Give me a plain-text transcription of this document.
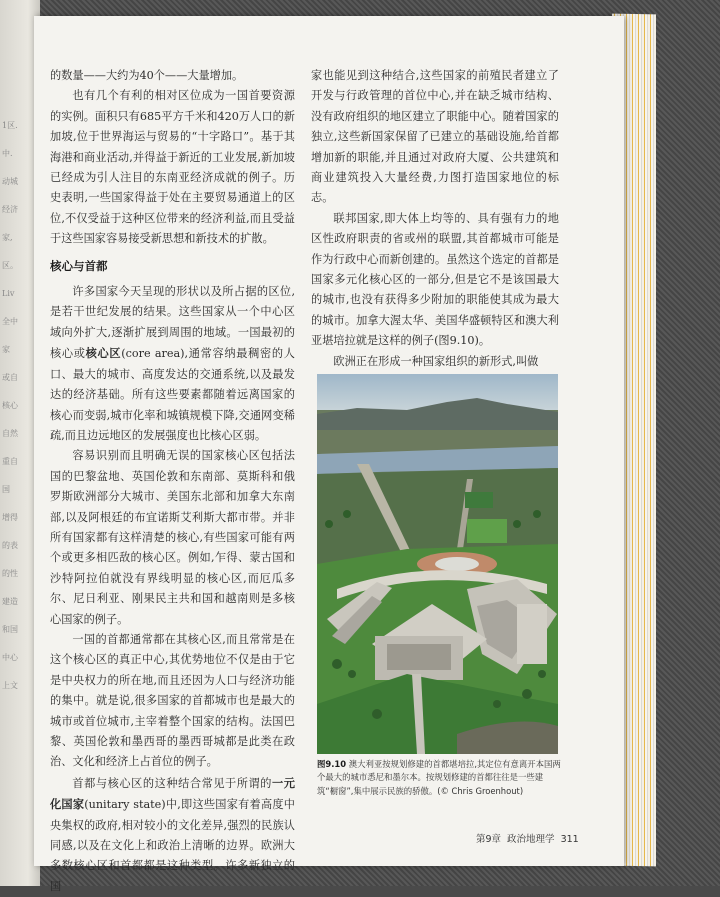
1区.
中.
动城
经济
家,
区。
Liv
全中
家
或自
核心
自然
重自
国
增得
的表
的性
建造
和国
中心
上文

的数量——大约为40个——大量增加。

也有几个有利的相对区位成为一国首要资源的实例。面积只有685平方千米和420万人口的新加坡,位于世界海运与贸易的“十字路口”。基于其海港和商业活动,并得益于新近的工业发展,新加坡已经成为引人注目的东南亚经济成就的例子。历史表明,一些国家得益于处在主要贸易通道上的区位,不仅受益于这种区位带来的经济利益,而且受益于这些国家容易接受新思想和新技术的扩散。

核心与首都

许多国家今天呈现的形状以及所占据的区位,是若干世纪发展的结果。这些国家从一个中心区域向外扩大,逐渐扩展到周围的地域。一国最初的核心或核心区(core area),通常容纳最稠密的人口、最大的城市、高度发达的交通系统,以及最发达的经济基础。所有这些要素都随着远离国家的核心而变弱,城市化率和城镇规模下降,交通网变稀疏,而且边远地区的发展强度也比核心区弱。

容易识别而且明确无误的国家核心区包括法国的巴黎盆地、英国伦敦和东南部、莫斯科和俄罗斯欧洲部分大城市、美国东北部和加拿大东南部,以及阿根廷的布宜诺斯艾利斯大都市带。并非所有国家都有这样清楚的核心,有些国家可能有两个或更多相匹敌的核心区。例如,乍得、蒙古国和沙特阿拉伯就没有界线明显的核心区,而厄瓜多尔、尼日利亚、刚果民主共和国和越南则是多核心国家的例子。

一国的首都通常都在其核心区,而且常常是在这个核心区的真正中心,其优势地位不仅是由于它是中央权力的所在地,而且还因为人口与经济功能的集中。就是说,很多国家的首都城市也是最大的城市或首位城市,主宰着整个国家的结构。法国巴黎、英国伦敦和墨西哥的墨西哥城都是此类在政治、文化和经济上占首位的例子。

首都与核心区的这种结合常见于所谓的一元化国家(unitary state)中,即这些国家有着高度中央集权的政府,相对较小的文化差异,强烈的民族认同感,以及在文化上和政治上清晰的边界。欧洲大多数核心区和首都都是这种类型。许多新独立的国

家也能见到这种结合,这些国家的前殖民者建立了开发与行政管理的首位中心,并在缺乏城市结构、没有政府组织的地区建立了职能中心。随着国家的独立,这些新国家保留了已建立的基础设施,给首都增加新的职能,并且通过对政府大厦、公共建筑和商业建筑投入大量经费,力图打造国家地位的标志。

联邦国家,即大体上均等的、具有强有力的地区性政府职责的省或州的联盟,其首都城市可能是作为行政中心而新创建的。虽然这个选定的首都是国家多元化核心区的一部分,但是它不是该国最大的城市,也没有获得多少附加的职能使其成为最大的城市。加拿大渥太华、美国华盛顿特区和澳大利亚堪培拉就是这样的例子(图9.10)。

欧洲正在形成一种国家组织的新形式,叫做

图9.10 澳大利亚按规划修建的首都堪培拉,其定位有意离开本国两个最大的城市悉尼和墨尔本。按规划修建的首都往往是一些建筑“橱窗”,集中展示民族的骄傲。(© Chris Groenhout)
第9章 政治地理学 311
